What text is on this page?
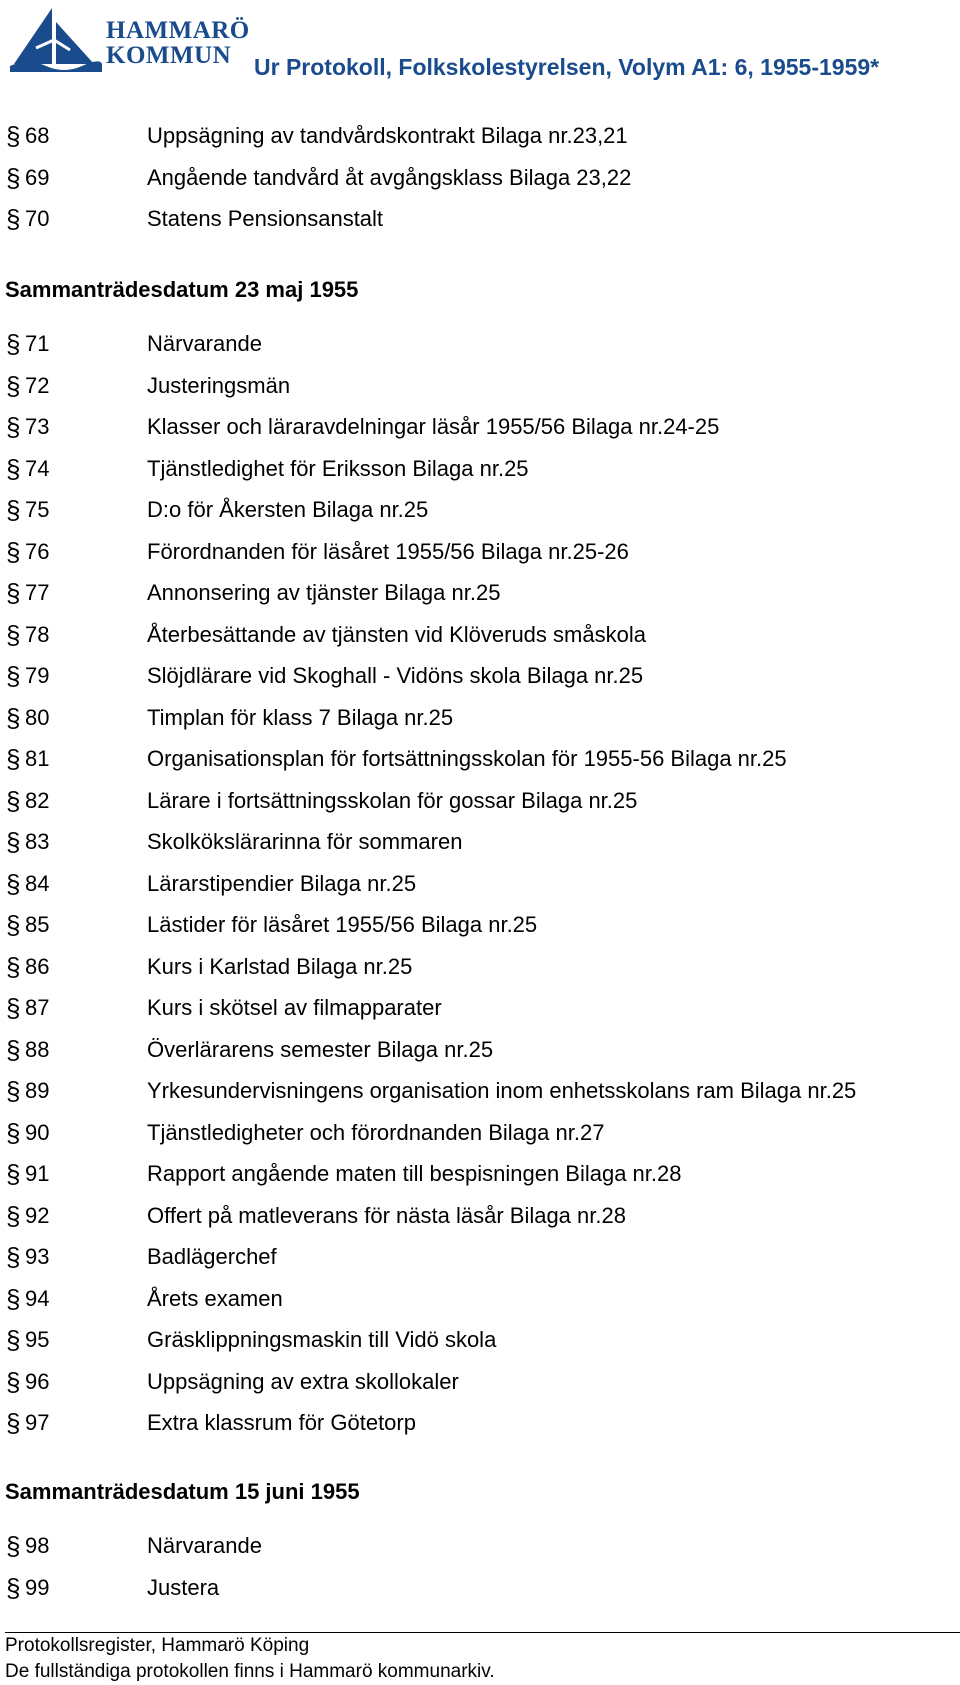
HAMMARÖ
KOMMUN Ur Protokoll, Folkskolestyrelsen, Volym A1: 6, 1955-1959*
§ 68	Uppsägning av tandvårdskontrakt Bilaga nr.23,21
§ 69	Angående tandvård åt avgångsklass Bilaga 23,22
§ 70	Statens Pensionsanstalt
Sammanträdesdatum 23 maj 1955
§ 71	Närvarande
§ 72	Justeringsmän
§ 73	Klasser och läraravdelningar läsår 1955/56 Bilaga nr.24-25
§ 74	Tjänstledighet för Eriksson Bilaga nr.25
§ 75	D:o för Åkersten Bilaga nr.25
§ 76	Förordnanden för läsåret 1955/56 Bilaga nr.25-26
§ 77	Annonsering av tjänster Bilaga nr.25
§ 78	Återbesättande av tjänsten vid Klöveruds småskola
§ 79	Slöjdlärare vid Skoghall - Vidöns skola Bilaga nr.25
§ 80	Timplan för klass 7 Bilaga nr.25
§ 81	Organisationsplan för fortsättningsskolan för 1955-56 Bilaga nr.25
§ 82	Lärare i fortsättningsskolan för gossar Bilaga nr.25
§ 83	Skolkökslärarinna för sommaren
§ 84	Lärarstipendier Bilaga nr.25
§ 85	Lästider för läsåret 1955/56 Bilaga nr.25
§ 86	Kurs i Karlstad Bilaga nr.25
§ 87	Kurs i skötsel av filmapparater
§ 88	Överlärarens semester Bilaga nr.25
§ 89	Yrkesundervisningens organisation inom enhetsskolans ram Bilaga nr.25
§ 90	Tjänstledigheter och förordnanden Bilaga nr.27
§ 91	Rapport angående maten till bespisningen Bilaga nr.28
§ 92	Offert på matleverans för nästa läsår Bilaga nr.28
§ 93	Badlägerchef
§ 94	Årets examen
§ 95	Gräsklippningsmaskin till Vidö skola
§ 96	Uppsägning av extra skollokaler
§ 97	Extra klassrum för Götetorp
Sammanträdesdatum 15 juni 1955
§ 98	Närvarande
§ 99	Justera
Protokollsregister, Hammarö Köping
De fullständiga protokollen finns i Hammarö kommunarkiv.
